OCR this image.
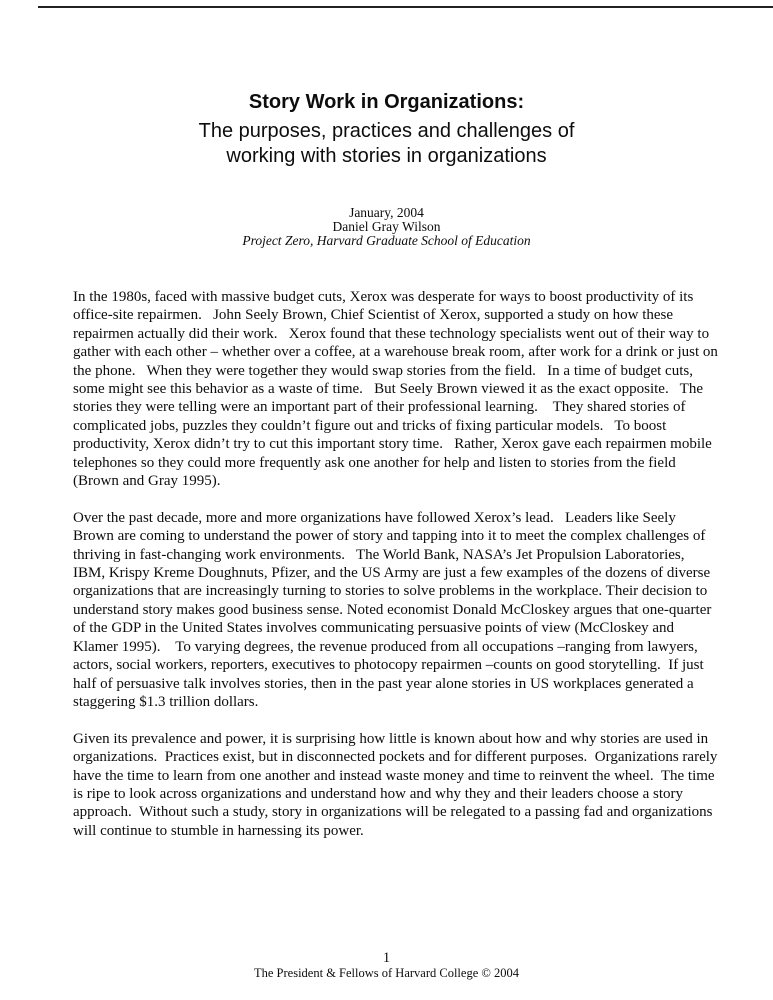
Story Work in Organizations:
The purposes, practices and challenges of
working with stories in organizations
January, 2004
Daniel Gray Wilson
Project Zero, Harvard Graduate School of Education

In the 1980s, faced with massive budget cuts, Xerox was desperate for ways to boost productivity of its office-site repairmen.   John Seely Brown, Chief Scientist of Xerox, supported a study on how these repairmen actually did their work.   Xerox found that these technology specialists went out of their way to gather with each other – whether over a coffee, at a warehouse break room, after work for a drink or just on the phone.   When they were together they would swap stories from the field.   In a time of budget cuts, some might see this behavior as a waste of time.   But Seely Brown viewed it as the exact opposite.   The stories they were telling were an important part of their professional learning.    They shared stories of complicated jobs, puzzles they couldn’t figure out and tricks of fixing particular models.   To boost productivity, Xerox didn’t try to cut this important story time.   Rather, Xerox gave each repairmen mobile telephones so they could more frequently ask one another for help and listen to stories from the field (Brown and Gray 1995).

Over the past decade, more and more organizations have followed Xerox’s lead.   Leaders like Seely Brown are coming to understand the power of story and tapping into it to meet the complex challenges of thriving in fast-changing work environments.   The World Bank, NASA’s Jet Propulsion Laboratories, IBM, Krispy Kreme Doughnuts, Pfizer, and the US Army are just a few examples of the dozens of diverse organizations that are increasingly turning to stories to solve problems in the workplace. Their decision to understand story makes good business sense. Noted economist Donald McCloskey argues that one-quarter of the GDP in the United States involves communicating persuasive points of view (McCloskey and Klamer 1995).    To varying degrees, the revenue produced from all occupations –ranging from lawyers, actors, social workers, reporters, executives to photocopy repairmen –counts on good storytelling.  If just half of persuasive talk involves stories, then in the past year alone stories in US workplaces generated a staggering $1.3 trillion dollars.

Given its prevalence and power, it is surprising how little is known about how and why stories are used in organizations.  Practices exist, but in disconnected pockets and for different purposes.  Organizations rarely have the time to learn from one another and instead waste money and time to reinvent the wheel.  The time is ripe to look across organizations and understand how and why they and their leaders choose a story approach.  Without such a study, story in organizations will be relegated to a passing fad and organizations will continue to stumble in harnessing its power.

1
The President & Fellows of Harvard College © 2004
